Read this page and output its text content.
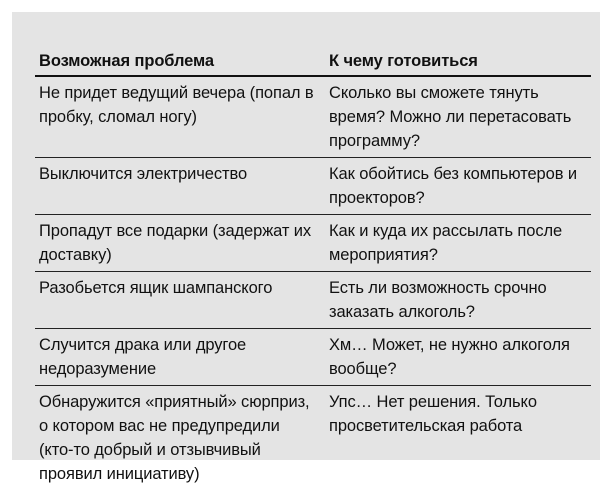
Возможная проблема	К чему готовиться
Не придет ведущий вечера (попал в пробку, сломал ногу)	Сколько вы сможете тянуть время? Можно ли перетасовать программу?
Выключится электричество	Как обойтись без компьютеров и проекторов?
Пропадут все подарки (задержат их доставку)	Как и куда их рассылать после мероприятия?
Разобьется ящик шампанского	Есть ли возможность срочно заказать алкоголь?
Случится драка или другое недоразумение	Хм… Может, не нужно алкоголя вообще?
Обнаружится «приятный» сюрприз, о котором вас не предупредили (кто-то добрый и отзывчивый проявил инициативу)	Упс… Нет решения. Только просветительская работа
